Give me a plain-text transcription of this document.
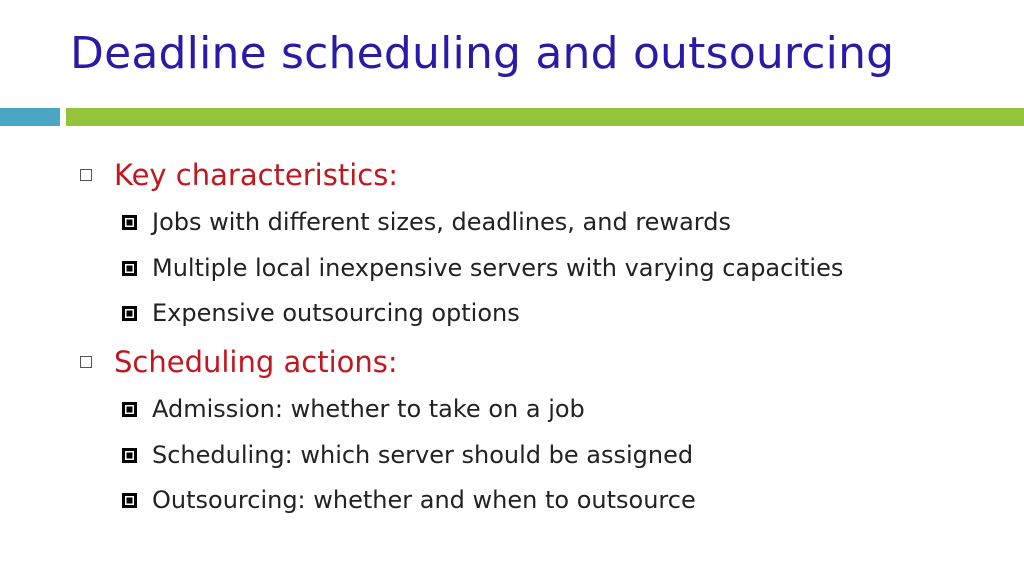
Deadline scheduling and outsourcing
Key characteristics:
Jobs with different sizes, deadlines, and rewards
Multiple local inexpensive servers with varying capacities
Expensive outsourcing options
Scheduling actions:
Admission: whether to take on a job
Scheduling: which server should be assigned
Outsourcing: whether and when to outsource
